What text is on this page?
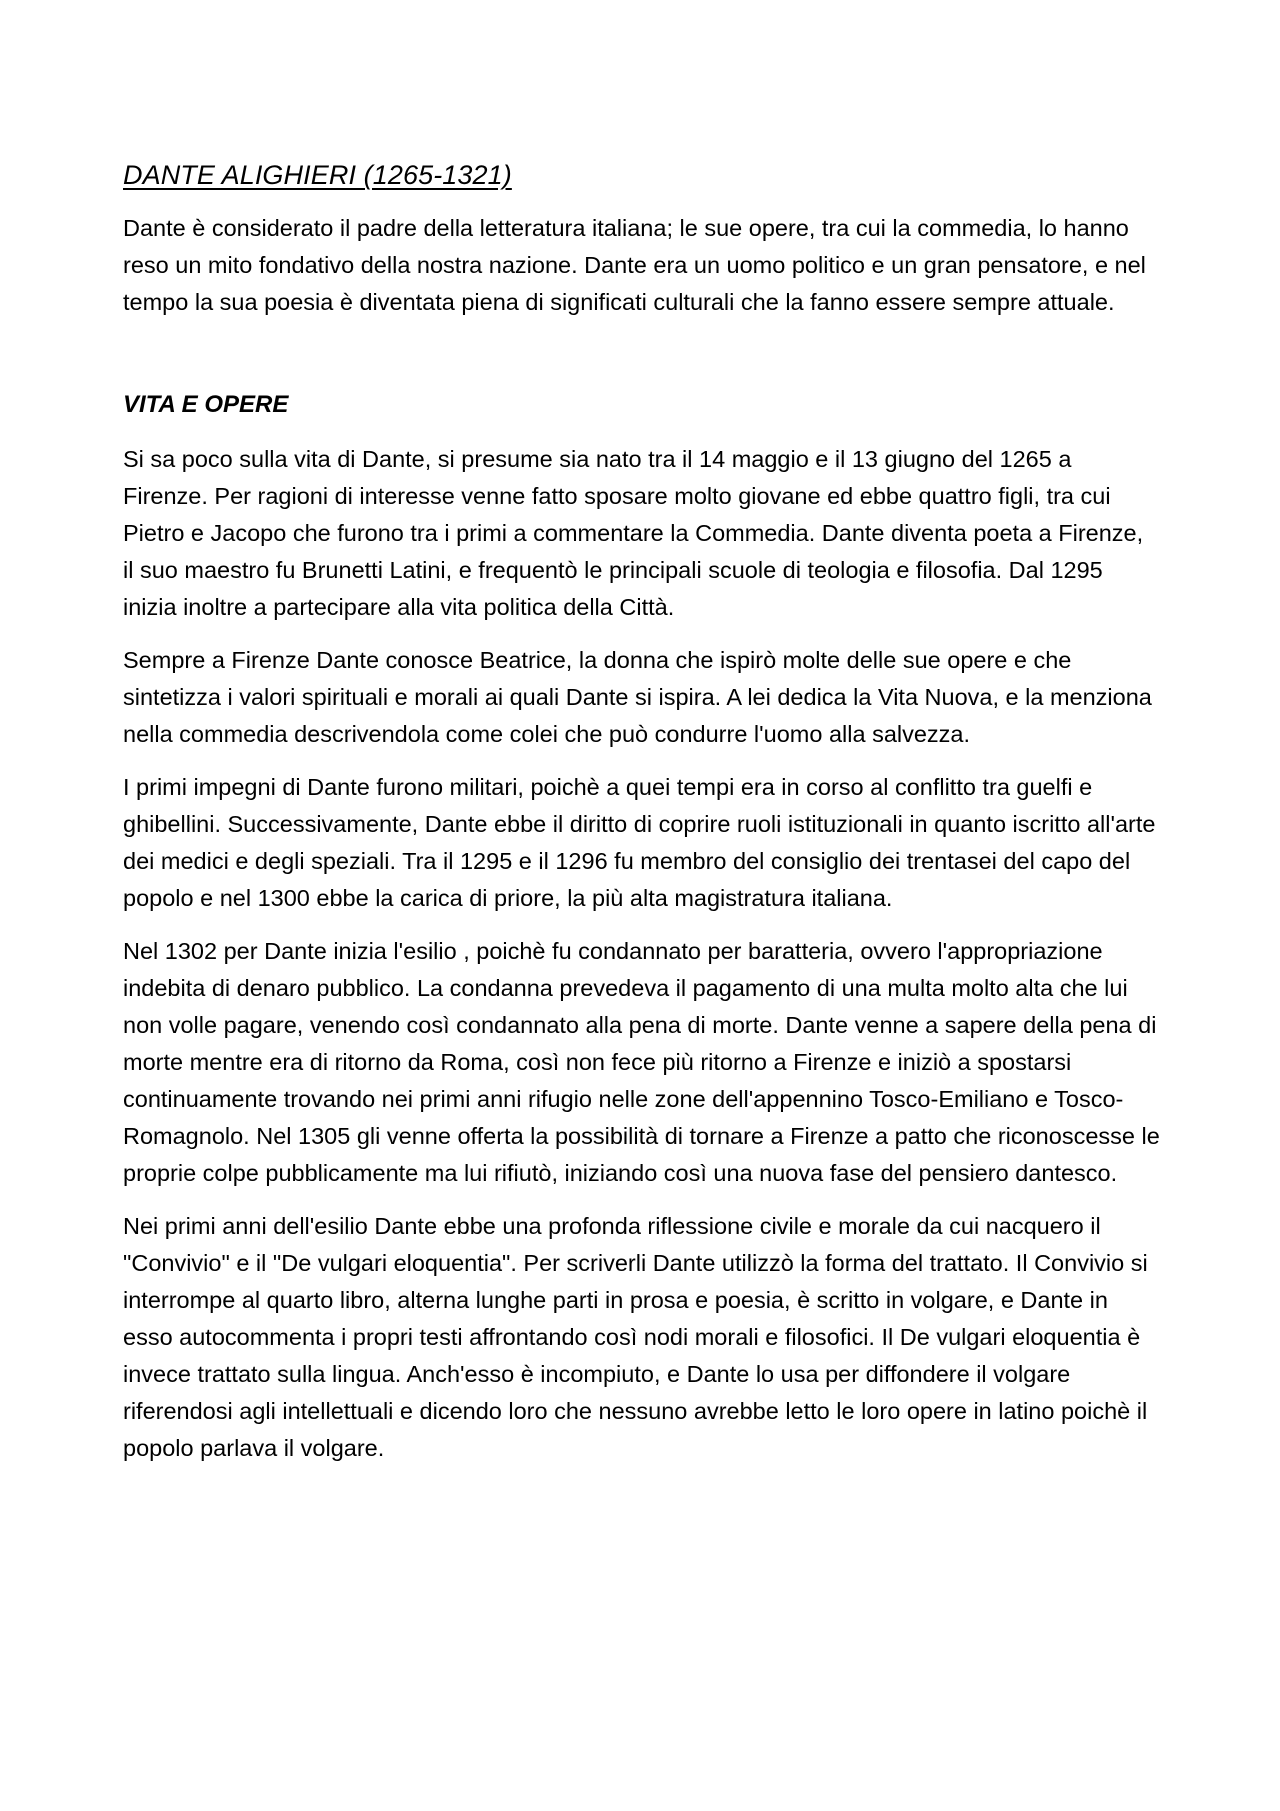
DANTE ALIGHIERI (1265-1321)

Dante è considerato il padre della letteratura italiana; le sue opere, tra cui la commedia, lo hanno reso un mito fondativo della nostra nazione. Dante era un uomo politico e un gran pensatore, e nel tempo la sua poesia è diventata piena di significati culturali che la fanno essere sempre attuale.

VITA E OPERE

Si sa poco sulla vita di Dante, si presume sia nato tra il 14 maggio e il 13 giugno del 1265 a Firenze. Per ragioni di interesse venne fatto sposare molto giovane ed ebbe quattro figli, tra cui Pietro e Jacopo che furono tra i primi a commentare la Commedia. Dante diventa poeta a Firenze, il suo maestro fu Brunetti Latini, e frequentò le principali scuole di teologia e filosofia. Dal 1295 inizia inoltre a partecipare alla vita politica della Città.

Sempre a Firenze Dante conosce Beatrice, la donna che ispirò molte delle sue opere e che sintetizza i valori spirituali e morali ai quali Dante si ispira. A lei dedica la Vita Nuova, e la menziona nella commedia descrivendola come colei che può condurre l'uomo alla salvezza.

I primi impegni di Dante furono militari, poichè a quei tempi era in corso al conflitto tra guelfi e ghibellini. Successivamente, Dante ebbe il diritto di coprire ruoli istituzionali in quanto iscritto all'arte dei medici e degli speziali. Tra il 1295 e il 1296 fu membro del consiglio dei trentasei del capo del popolo e nel 1300 ebbe la carica di priore, la più alta magistratura italiana.

Nel 1302 per Dante inizia l'esilio , poichè fu condannato per baratteria, ovvero l'appropriazione indebita di denaro pubblico. La condanna prevedeva il pagamento di una multa molto alta che lui non volle pagare, venendo così condannato alla pena di morte. Dante venne a sapere della pena di morte mentre era di ritorno da Roma, così non fece più ritorno a Firenze e iniziò a spostarsi continuamente trovando nei primi anni rifugio nelle zone dell'appennino Tosco-Emiliano e Tosco-Romagnolo. Nel 1305 gli venne offerta la possibilità di tornare a Firenze a patto che riconoscesse le proprie colpe pubblicamente ma lui rifiutò, iniziando così una nuova fase del pensiero dantesco.

Nei primi anni dell'esilio Dante ebbe una profonda riflessione civile e morale da cui nacquero il "Convivio" e il "De vulgari eloquentia". Per scriverli Dante utilizzò la forma del trattato. Il Convivio si interrompe al quarto libro, alterna lunghe parti in prosa e poesia, è scritto in volgare, e Dante in esso autocommenta i propri testi affrontando così nodi morali e filosofici. Il De vulgari eloquentia è invece trattato sulla lingua. Anch'esso è incompiuto, e Dante lo usa per diffondere il volgare riferendosi agli intellettuali e dicendo loro che nessuno avrebbe letto le loro opere in latino poichè il popolo parlava il volgare.
